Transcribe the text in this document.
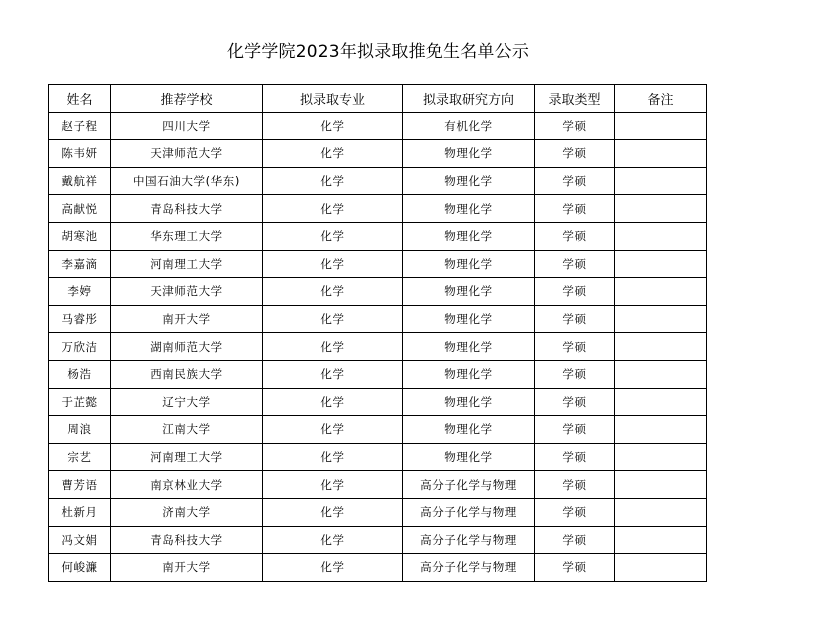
化学学院2023年拟录取推免生名单公示
姓名	推荐学校	拟录取专业	拟录取研究方向	录取类型	备注
赵子程	四川大学	化学	有机化学	学硕	
陈韦妍	天津师范大学	化学	物理化学	学硕	
戴航祥	中国石油大学(华东)	化学	物理化学	学硕	
高献悦	青岛科技大学	化学	物理化学	学硕	
胡寒池	华东理工大学	化学	物理化学	学硕	
李嘉滴	河南理工大学	化学	物理化学	学硕	
李婷	天津师范大学	化学	物理化学	学硕	
马睿彤	南开大学	化学	物理化学	学硕	
万欣洁	湖南师范大学	化学	物理化学	学硕	
杨浩	西南民族大学	化学	物理化学	学硕	
于芷懿	辽宁大学	化学	物理化学	学硕	
周浪	江南大学	化学	物理化学	学硕	
宗艺	河南理工大学	化学	物理化学	学硕	
曹芳语	南京林业大学	化学	高分子化学与物理	学硕	
杜新月	济南大学	化学	高分子化学与物理	学硕	
冯文娟	青岛科技大学	化学	高分子化学与物理	学硕	
何峻濂	南开大学	化学	高分子化学与物理	学硕	
